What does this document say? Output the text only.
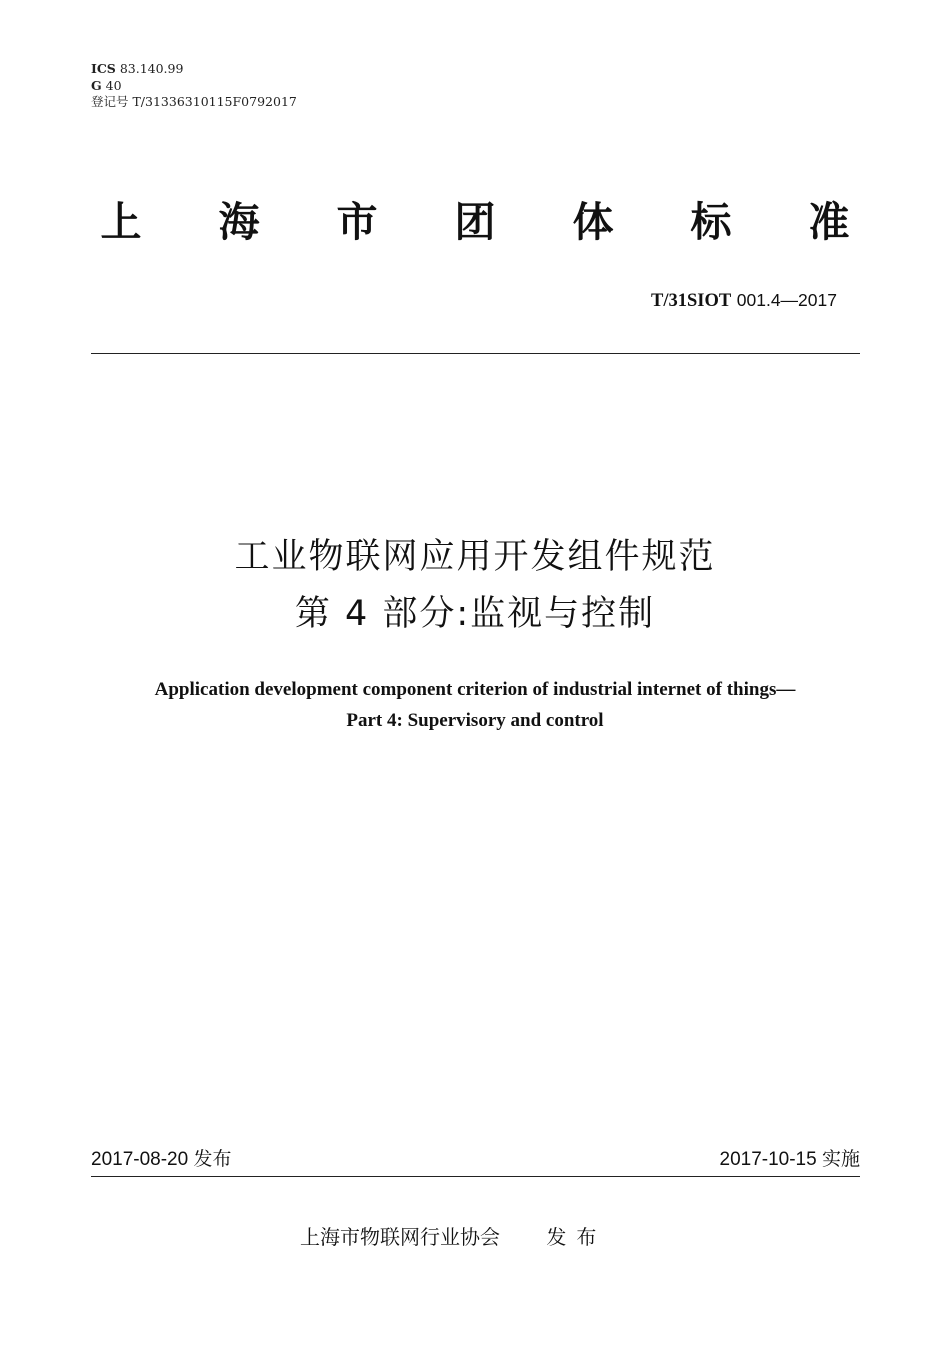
ICS 83.140.99
G 40
登记号 T/31336310115F0792017
上 海 市 团 体 标 准
T/31SIOT 001.4—2017
工业物联网应用开发组件规范
第 4 部分:监视与控制
Application development component criterion of industrial internet of things—
Part 4: Supervisory and control
2017-08-20 发布	2017-10-15 实施
上海市物联网行业协会 发布
